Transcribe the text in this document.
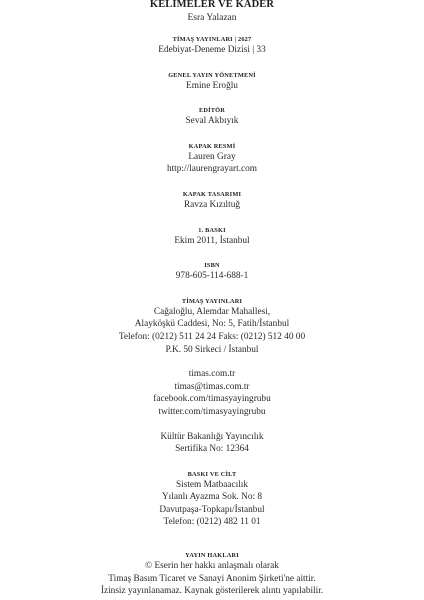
KELİMELER VE KADER
Esra Yalazan
TİMAŞ YAYINLARI | 2627
Edebiyat-Deneme Dizisi | 33
GENEL YAYIN YÖNETMENİ
Emine Eroğlu
EDİTÖR
Seval Akbıyık
KAPAK RESMİ
Lauren Gray
http://laurengrayart.com
KAPAK TASARIMI
Ravza Kızıltuğ
1. BASKI
Ekim 2011, İstanbul
ISBN
978-605-114-688-1
TİMAŞ YAYINLARI
Cağaloğlu, Alemdar Mahallesi,
Alayköşkü Caddesi, No: 5, Fatih/İstanbul
Telefon: (0212) 511 24 24 Faks: (0212) 512 40 00
P.K. 50 Sirkeci / İstanbul
timas.com.tr
timas@timas.com.tr
facebook.com/timasyayingrubu
twitter.com/timasyayingrubu
Kültür Bakanlığı Yayıncılık
Sertifika No: 12364
BASKI VE CİLT
Sistem Matbaacılık
Yılanlı Ayazma Sok. No: 8
Davutpaşa-Topkapı/İstanbul
Telefon: (0212) 482 11 01
YAYIN HAKLARI
© Eserin her hakkı anlaşmalı olarak
Timaş Basım Ticaret ve Sanayi Anonim Şirketi'ne aittir.
İzinsiz yayınlanamaz. Kaynak gösterilerek alıntı yapılabilir.
